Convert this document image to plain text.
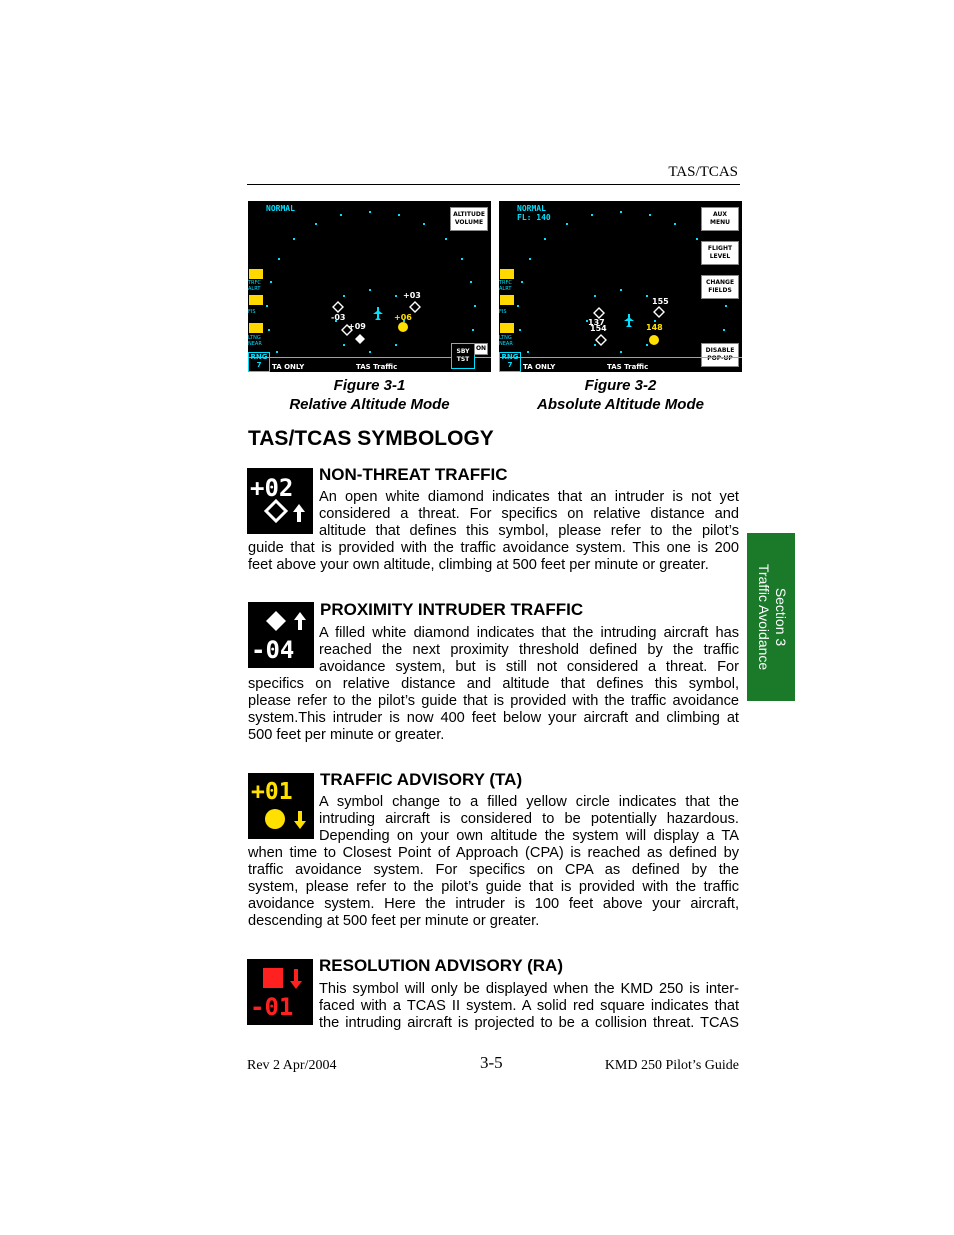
TAS/TCAS
+03
-03	+06
+09
NORMAL
ALTITUDE
VOLUME
TRFC
ALRT
FIS
LTNG
NEAR
RNG
7	TA ONLY	TAS Traffic
SBY
TST
ON
155
137
148
154
NORMAL
FL: 140	AUX
MENU
FLIGHT
LEVEL
CHANGE
FIELDS
DISABLE
POP-UP
TRFC
ALRT
FIS
LTNG
NEAR
RNG
7	TA ONLY	TAS Traffic
Figure 3-1
Relative Altitude Mode
Figure 3-2
Absolute Altitude Mode
TAS/TCAS SYMBOLOGY
+02 NON-THREAT TRAFFIC
An open white diamond indicates that an intruder is not yet
considered a threat. For specifics on relative distance and
altitude that defines this symbol, please refer to the pilot’s
guide that is provided with the traffic avoidance system. This one is 200
feet above your own altitude, climbing at 500 feet per minute or greater.
-04
PROXIMITY INTRUDER TRAFFIC
A filled white diamond indicates that the intruding aircraft has
reached the next proximity threshold defined by the traffic
avoidance system, but is still not considered a threat. For
specifics on relative distance and altitude that defines this symbol,
please refer to the pilot’s guide that is provided with the traffic avoidance
system.This intruder is now 400 feet below your aircraft and climbing at
500 feet per minute or greater.
+01 TRAFFIC ADVISORY (TA)
A symbol change to a filled yellow circle indicates that the
intruding aircraft is considered to be potentially hazardous.
Depending on your own altitude the system will display a TA
when time to Closest Point of Approach (CPA) is reached as defined by
traffic avoidance system. For specifics on CPA as defined by the
system, please refer to the pilot’s guide that is provided with the traffic
avoidance system. Here the intruder is 100 feet above your aircraft,
descending at 500 feet per minute or greater.
-01
RESOLUTION ADVISORY (RA)
This symbol will only be displayed when the KMD 250 is inter-
faced with a TCAS II system. A solid red square indicates that
the intruding aircraft is projected to be a collision threat. TCAS
Section 3
Traffic Avoidance
Rev 2 Apr/2004	3-5	KMD 250 Pilot’s Guide
